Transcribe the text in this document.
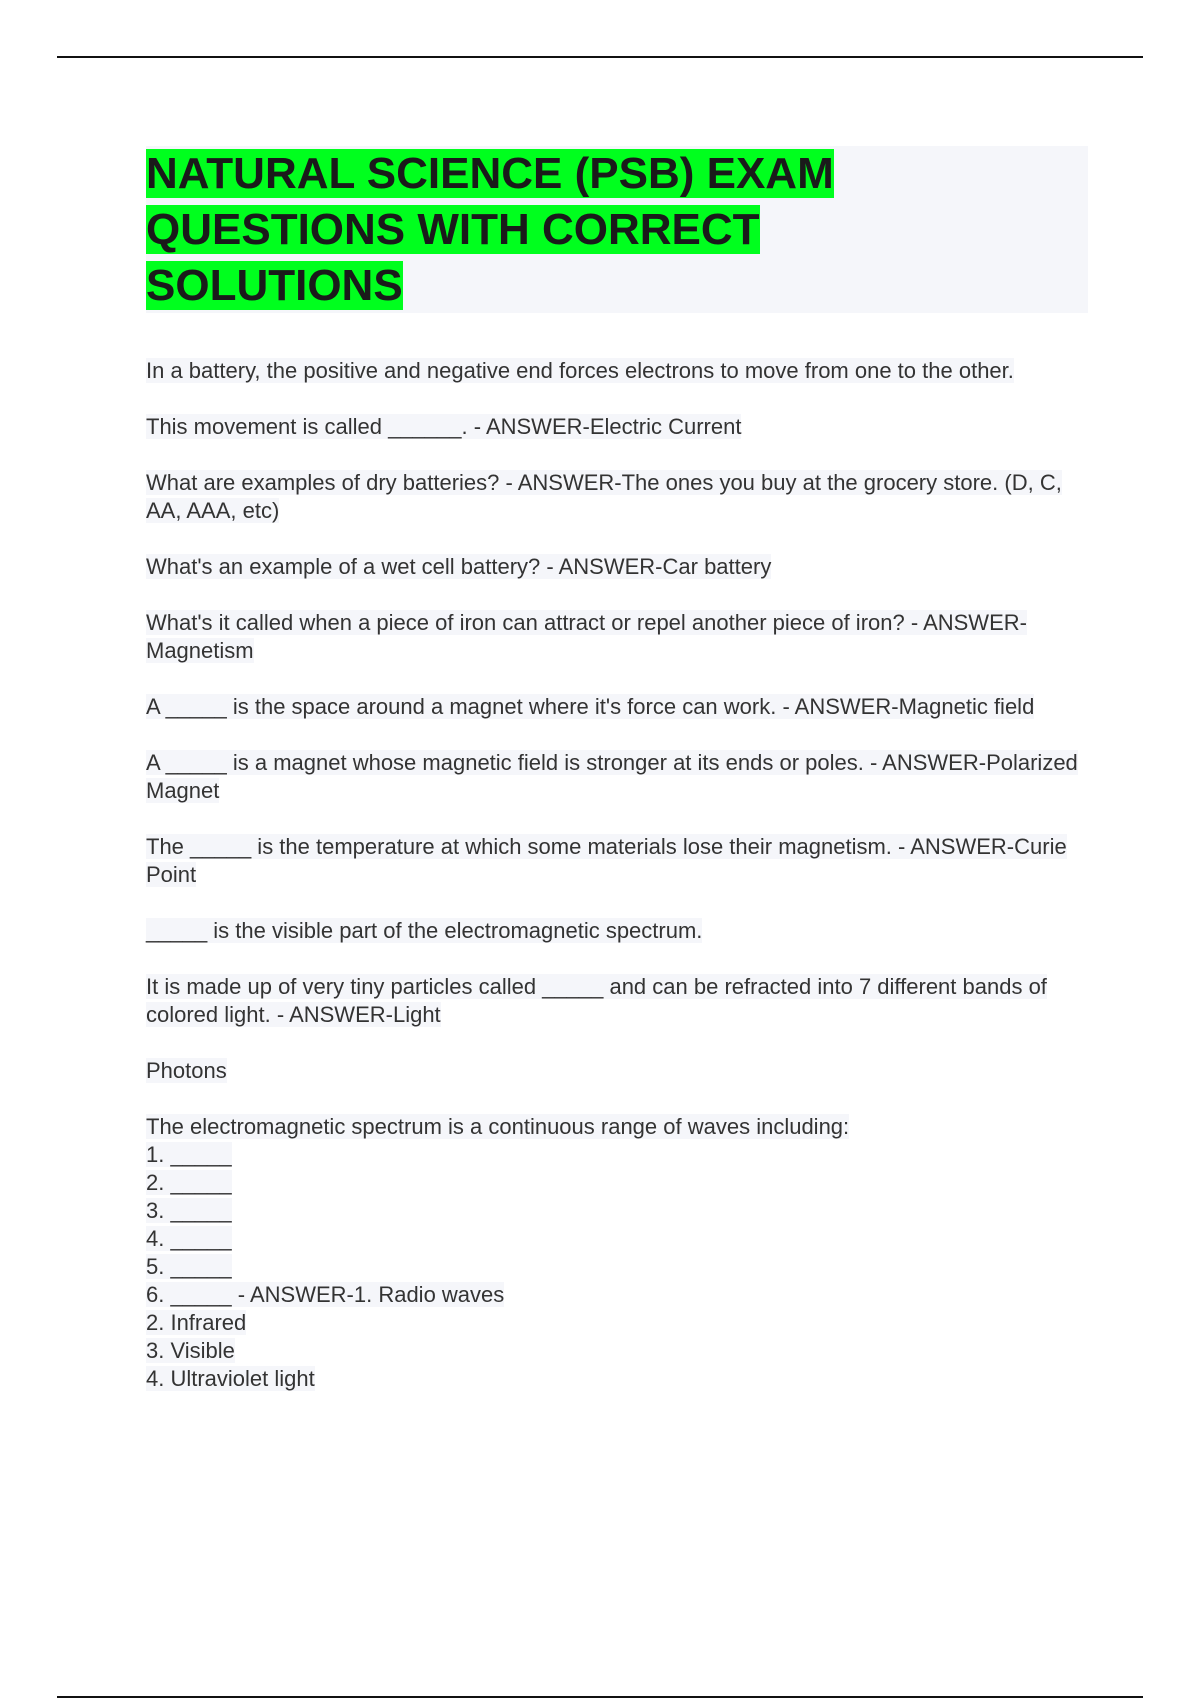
NATURAL SCIENCE (PSB) EXAM QUESTIONS WITH CORRECT SOLUTIONS

In a battery, the positive and negative end forces electrons to move from one to the other.

This movement is called ______. - ANSWER-Electric Current

What are examples of dry batteries? - ANSWER-The ones you buy at the grocery store. (D, C, AA, AAA, etc)

What's an example of a wet cell battery? - ANSWER-Car battery

What's it called when a piece of iron can attract or repel another piece of iron? - ANSWER-Magnetism

A _____ is the space around a magnet where it's force can work. - ANSWER-Magnetic field

A _____ is a magnet whose magnetic field is stronger at its ends or poles. - ANSWER-Polarized Magnet

The _____ is the temperature at which some materials lose their magnetism. - ANSWER-Curie Point

_____ is the visible part of the electromagnetic spectrum.

It is made up of very tiny particles called _____ and can be refracted into 7 different bands of colored light. - ANSWER-Light

Photons

The electromagnetic spectrum is a continuous range of waves including:
1. _____
2. _____
3. _____
4. _____
5. _____
6. _____ - ANSWER-1. Radio waves
2. Infrared
3. Visible
4. Ultraviolet light
